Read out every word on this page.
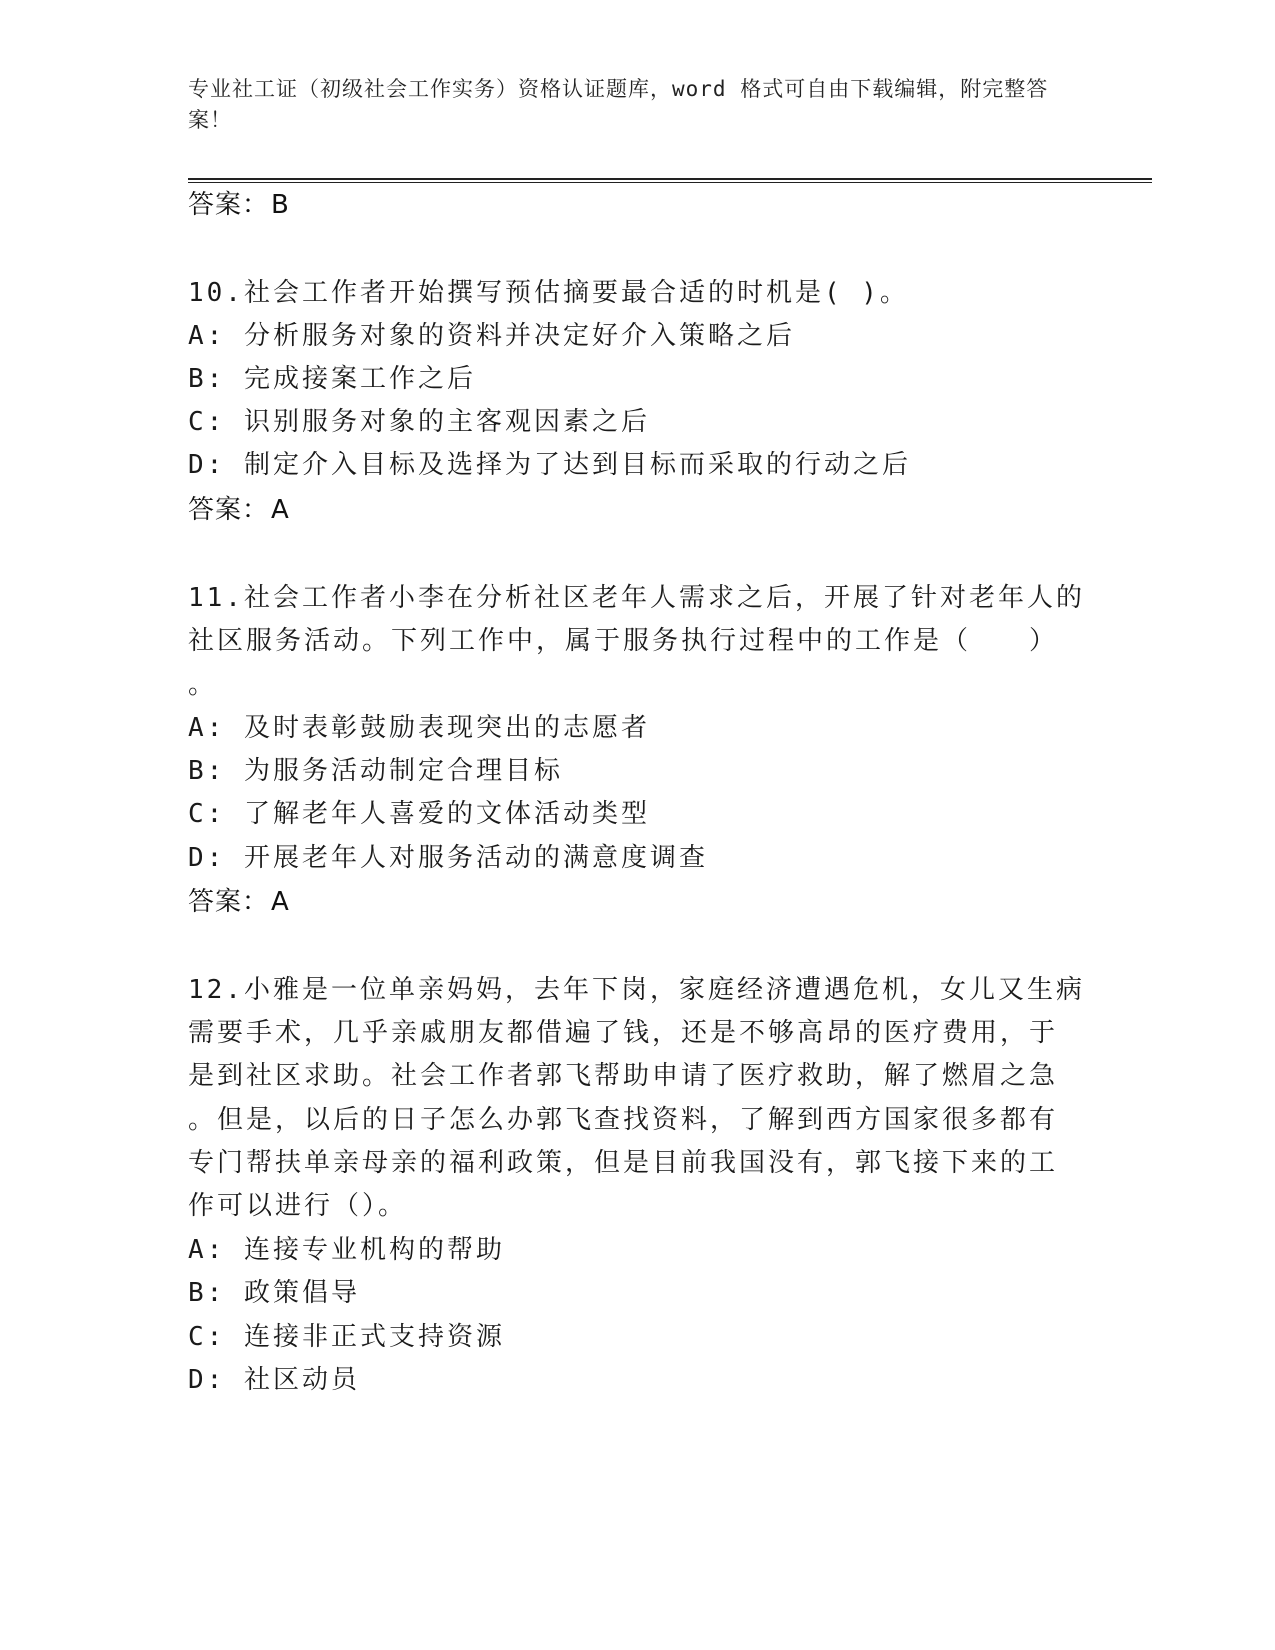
专业社工证（初级社会工作实务）资格认证题库，word 格式可自由下载编辑，附完整答案！
答案：B
10.社会工作者开始撰写预估摘要最合适的时机是( )。
A: 分析服务对象的资料并决定好介入策略之后
B: 完成接案工作之后
C: 识别服务对象的主客观因素之后
D: 制定介入目标及选择为了达到目标而采取的行动之后
答案：A
11.社会工作者小李在分析社区老年人需求之后，开展了针对老年人的
社区服务活动。下列工作中，属于服务执行过程中的工作是（　　）
。
A: 及时表彰鼓励表现突出的志愿者
B: 为服务活动制定合理目标
C: 了解老年人喜爱的文体活动类型
D: 开展老年人对服务活动的满意度调查
答案：A
12.小雅是一位单亲妈妈，去年下岗，家庭经济遭遇危机，女儿又生病
需要手术，几乎亲戚朋友都借遍了钱，还是不够高昂的医疗费用，于
是到社区求助。社会工作者郭飞帮助申请了医疗救助，解了燃眉之急
。但是，以后的日子怎么办郭飞查找资料，了解到西方国家很多都有
专门帮扶单亲母亲的福利政策，但是目前我国没有，郭飞接下来的工
作可以进行（）。
A: 连接专业机构的帮助
B: 政策倡导
C: 连接非正式支持资源
D: 社区动员
